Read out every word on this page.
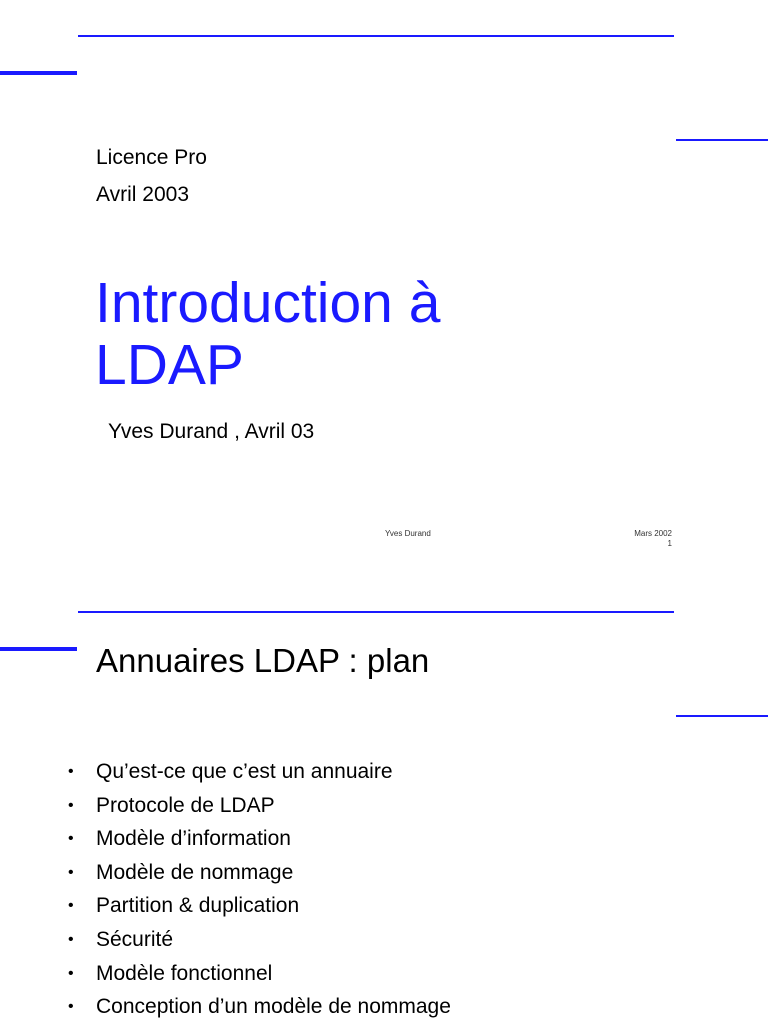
Licence Pro
Avril 2003
Introduction à
LDAP
Yves Durand , Avril 03
Yves Durand	Mars 2002
1
Annuaires LDAP : plan
• Qu’est-ce que c’est un annuaire
• Protocole de LDAP
• Modèle d’information
• Modèle de nommage
• Partition & duplication
• Sécurité
• Modèle fonctionnel
• Conception d’un modèle de nommage
